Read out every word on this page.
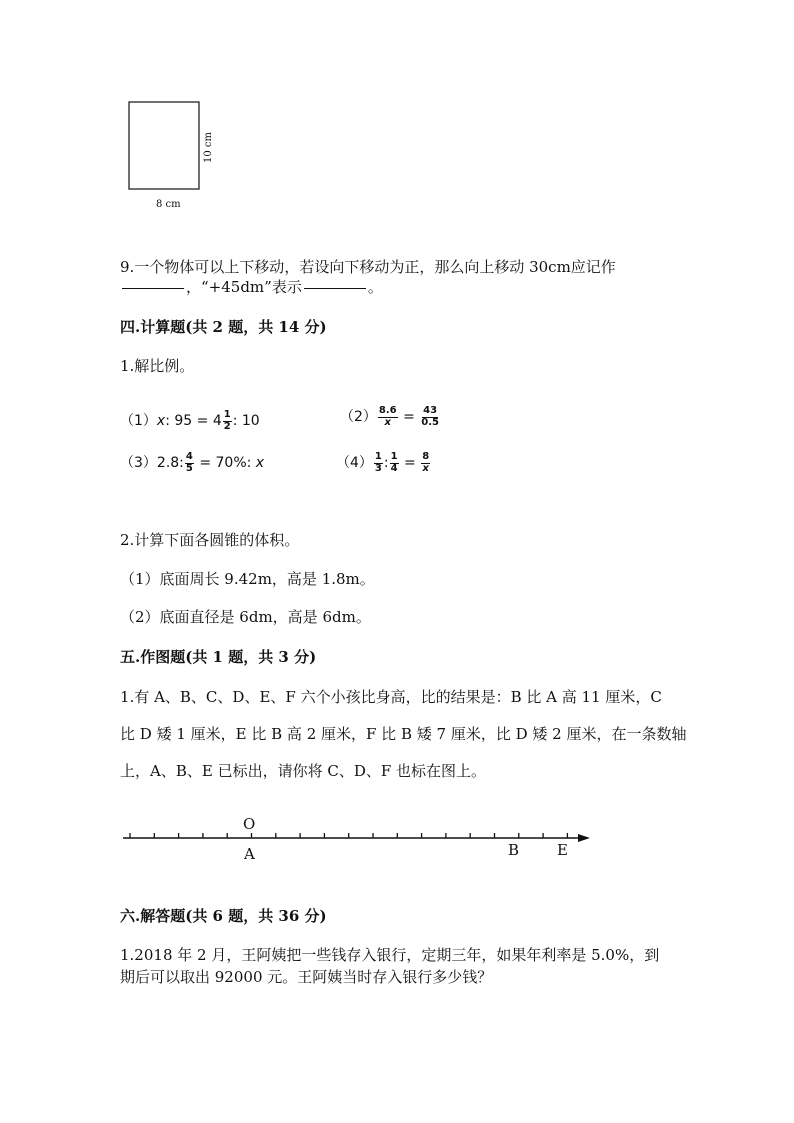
10 cm
8 cm
9.一个物体可以上下移动，若设向下移动为正，那么向上移动 30cm应记作
，“+45dm”表示	。
四.计算题(共 2 题，共 14 分)
1.解比例。
（1）x: $95 = 4 \frac{1}{2}$ : 10	$(2) \frac{8.6}{x} = \frac{43}{0.5}$
（3）2.8: $\frac{4}{5} = 70\%$: x	$(4) \frac{1}{3}$ : $\frac{1}{4} = \frac{8}{x}$
2.计算下面各圆锥的体积。
（1）底面周长 9.42m，高是 1.8m。
（2）底面直径是 6dm，高是 6dm。
五.作图题(共 1 题，共 3 分)
1.有 A、B、C、D、E、F 六个小孩比身高，比的结果是：B 比 A 高 11 厘米，C
比 D 矮 1 厘米，E 比 B 高 2 厘米，F 比 B 矮 7 厘米，比 D 矮 2 厘米，在一条数轴
上，A、B、E 已标出，请你将 C、D、F 也标在图上。
O
A	B	E
六.解答题(共 6 题，共 36 分)
1.2018 年 2 月，王阿姨把一些钱存入银行，定期三年，如果年利率是 5.0%，到
期后可以取出 92000 元。王阿姨当时存入银行多少钱？
